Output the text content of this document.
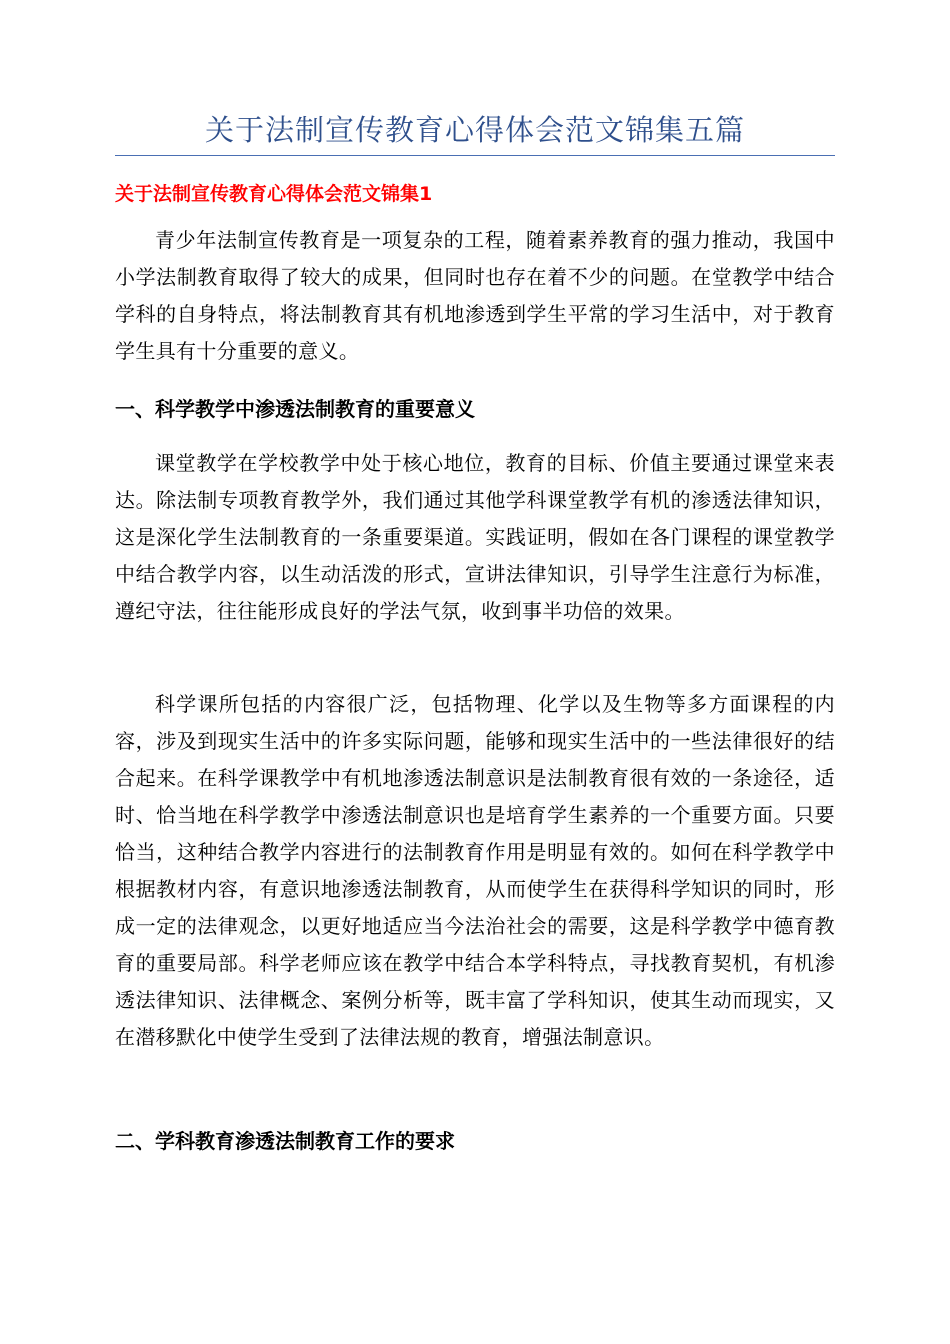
关于法制宣传教育心得体会范文锦集五篇
关于法制宣传教育心得体会范文锦集1

青少年法制宣传教育是一项复杂的工程，随着素养教育的强力推动，我国中小学法制教育取得了较大的成果，但同时也存在着不少的问题。在堂教学中结合学科的自身特点，将法制教育其有机地渗透到学生平常的学习生活中，对于教育学生具有十分重要的意义。

一、科学教学中渗透法制教育的重要意义

课堂教学在学校教学中处于核心地位，教育的目标、价值主要通过课堂来表达。除法制专项教育教学外，我们通过其他学科课堂教学有机的渗透法律知识，这是深化学生法制教育的一条重要渠道。实践证明，假如在各门课程的课堂教学中结合教学内容，以生动活泼的形式，宣讲法律知识，引导学生注意行为标准，遵纪守法，往往能形成良好的学法气氛，收到事半功倍的效果。

科学课所包括的内容很广泛，包括物理、化学以及生物等多方面课程的内容，涉及到现实生活中的许多实际问题，能够和现实生活中的一些法律很好的结合起来。在科学课教学中有机地渗透法制意识是法制教育很有效的一条途径，适时、恰当地在科学教学中渗透法制意识也是培育学生素养的一个重要方面。只要恰当，这种结合教学内容进行的法制教育作用是明显有效的。如何在科学教学中根据教材内容，有意识地渗透法制教育，从而使学生在获得科学知识的同时，形成一定的法律观念，以更好地适应当今法治社会的需要，这是科学教学中德育教育的重要局部。科学老师应该在教学中结合本学科特点，寻找教育契机，有机渗透法律知识、法律概念、案例分析等，既丰富了学科知识，使其生动而现实，又在潜移默化中使学生受到了法律法规的教育，增强法制意识。

二、学科教育渗透法制教育工作的要求
